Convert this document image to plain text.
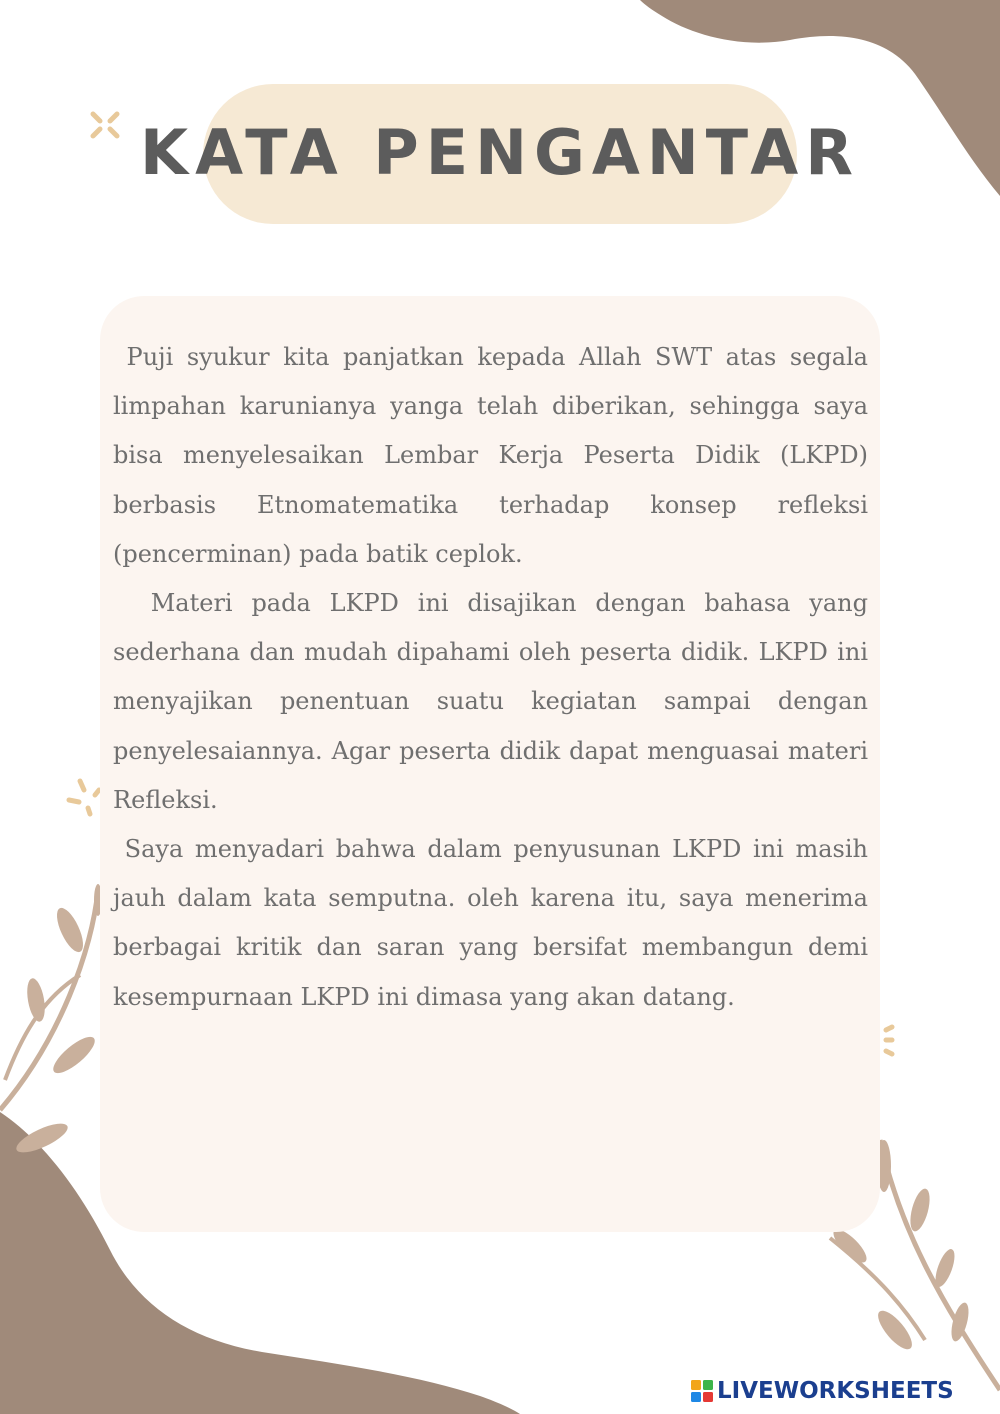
KATA PENGANTAR

Puji syukur kita panjatkan kepada Allah SWT atas segala limpahan karunianya yanga telah diberikan, sehingga saya bisa menyelesaikan Lembar Kerja Peserta Didik (LKPD) berbasis Etnomatematika terhadap konsep refleksi (pencerminan) pada batik ceplok.

Materi pada LKPD ini disajikan dengan bahasa yang sederhana dan mudah dipahami oleh peserta didik. LKPD ini menyajikan penentuan suatu kegiatan sampai dengan penyelesaiannya. Agar peserta didik dapat menguasai materi Refleksi.

Saya menyadari bahwa dalam penyusunan LKPD ini masih jauh dalam kata semputna. oleh karena itu, saya menerima berbagai kritik dan saran yang bersifat membangun demi kesempurnaan LKPD ini dimasa yang akan datang.

LIVEWORKSHEETS
